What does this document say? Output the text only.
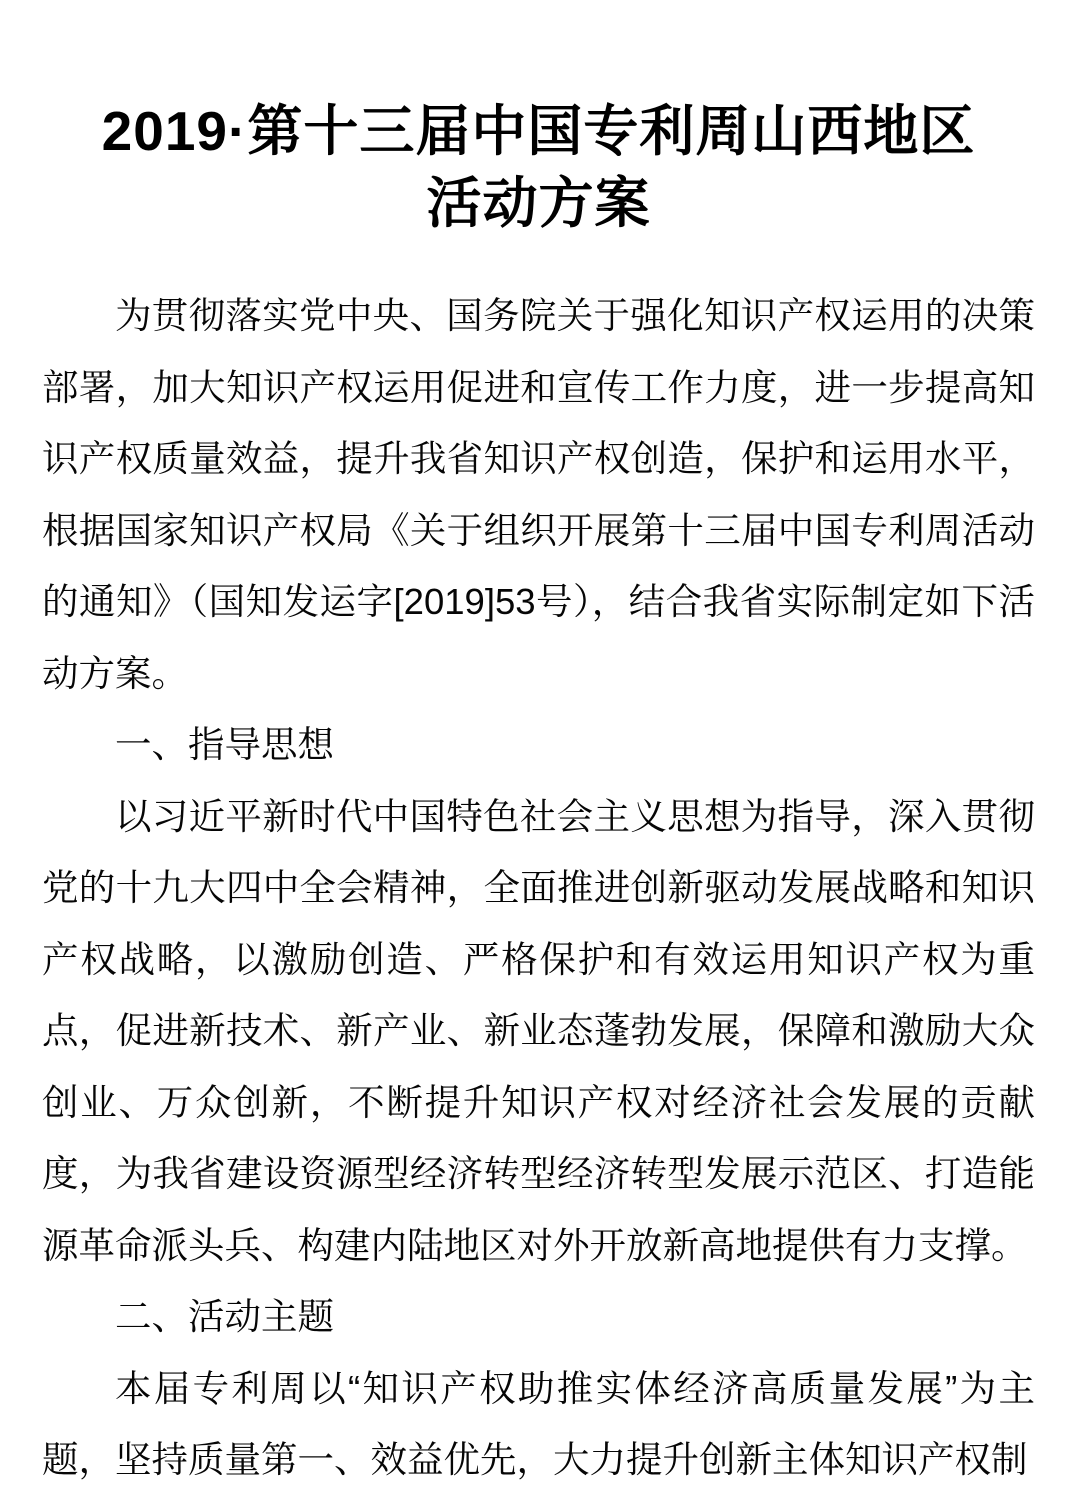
2019·第十三届中国专利周山西地区
活动方案

为贯彻落实党中央、国务院关于强化知识产权运用的决策部署，加大知识产权运用促进和宣传工作力度，进一步提高知识产权质量效益，提升我省知识产权创造，保护和运用水平，根据国家知识产权局《关于组织开展第十三届中国专利周活动的通知》（国知发运字[2019]53号），结合我省实际制定如下活动方案。

一、指导思想

以习近平新时代中国特色社会主义思想为指导，深入贯彻党的十九大四中全会精神，全面推进创新驱动发展战略和知识产权战略，以激励创造、严格保护和有效运用知识产权为重点，促进新技术、新产业、新业态蓬勃发展，保障和激励大众创业、万众创新，不断提升知识产权对经济社会发展的贡献度，为我省建设资源型经济转型经济转型发展示范区、打造能源革命派头兵、构建内陆地区对外开放新高地提供有力支撑。

二、活动主题

本届专利周以“知识产权助推实体经济高质量发展”为主题，坚持质量第一、效益优先，大力提升创新主体知识产权制
